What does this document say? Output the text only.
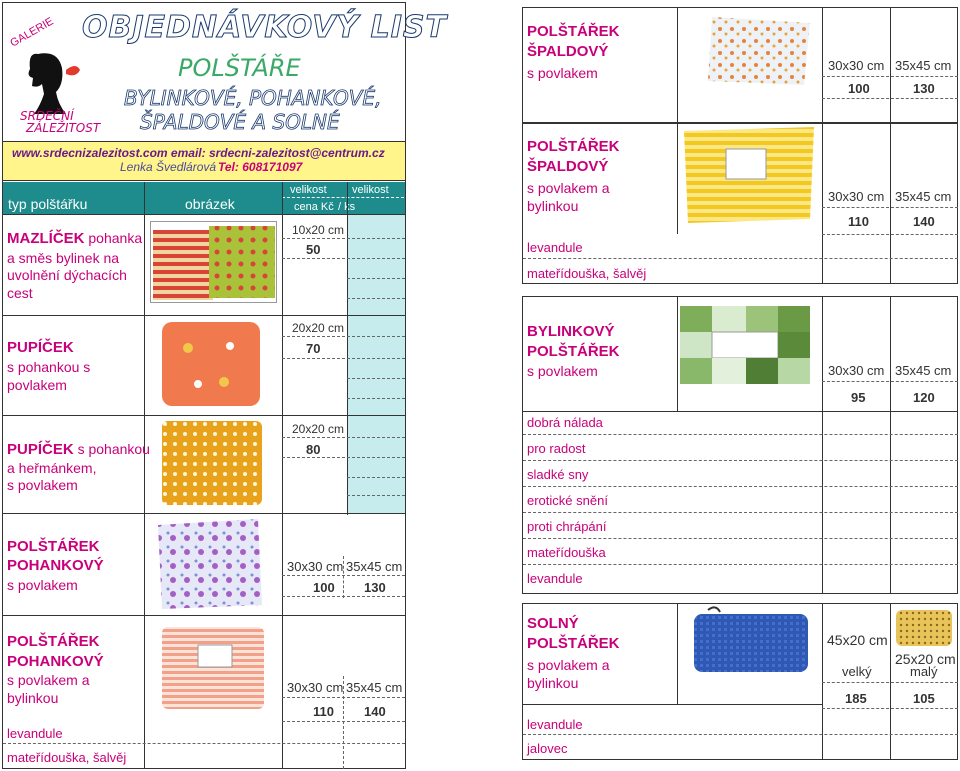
GALERIE
SRDEČNÍ
ZÁLEŽITOST
OBJEDNÁVKOVÝ LIST
POLŠTÁŘE
BYLINKOVÉ, POHANKOVÉ,
ŠPALDOVÉ A SOLNÉ
www.srdecnizalezitost.com email: srdecni-zalezitost@centrum.cz
Lenka Švedlárová Tel: 608171097
typ polštářku	obrázek
velikost velikost
cena Kč / ks
MAZLÍČEK pohanka
a směs bylinek na
uvolnění dýchacích
cest
10x20 cm
50
PUPÍČEK
s pohankou s
povlakem
20x20 cm
70
PUPÍČEK s pohankou
a heřmánkem,
s povlakem
20x20 cm
80
POLŠTÁŘEK
POHANKOVÝ
s povlakem
30x30 cm 35x45 cm
100 130
POLŠTÁŘEK
POHANKOVÝ
s povlakem a
bylinkou
30x30 cm 35x45 cm
110 140
levandule
mateřídouška, šalvěj
POLŠTÁŘEK
ŠPALDOVÝ
s povlakem	30x30 cm 35x45 cm
100	130
POLŠTÁŘEK
ŠPALDOVÝ
s povlakem a
bylinkou
30x30 cm 35x45 cm
110	140
levandule
mateřídouška, šalvěj
BYLINKOVÝ
POLŠTÁŘEK
s povlakem	30x30 cm 35x45 cm
95	120
dobrá nálada
pro radost
sladké sny
erotické snění
proti chrápání
mateřídouška
levandule
SOLNÝ
POLŠTÁŘEK
s povlakem a
bylinkou
45x20 cm
25x20 cm
velký	malý
185	105
levandule
jalovec
